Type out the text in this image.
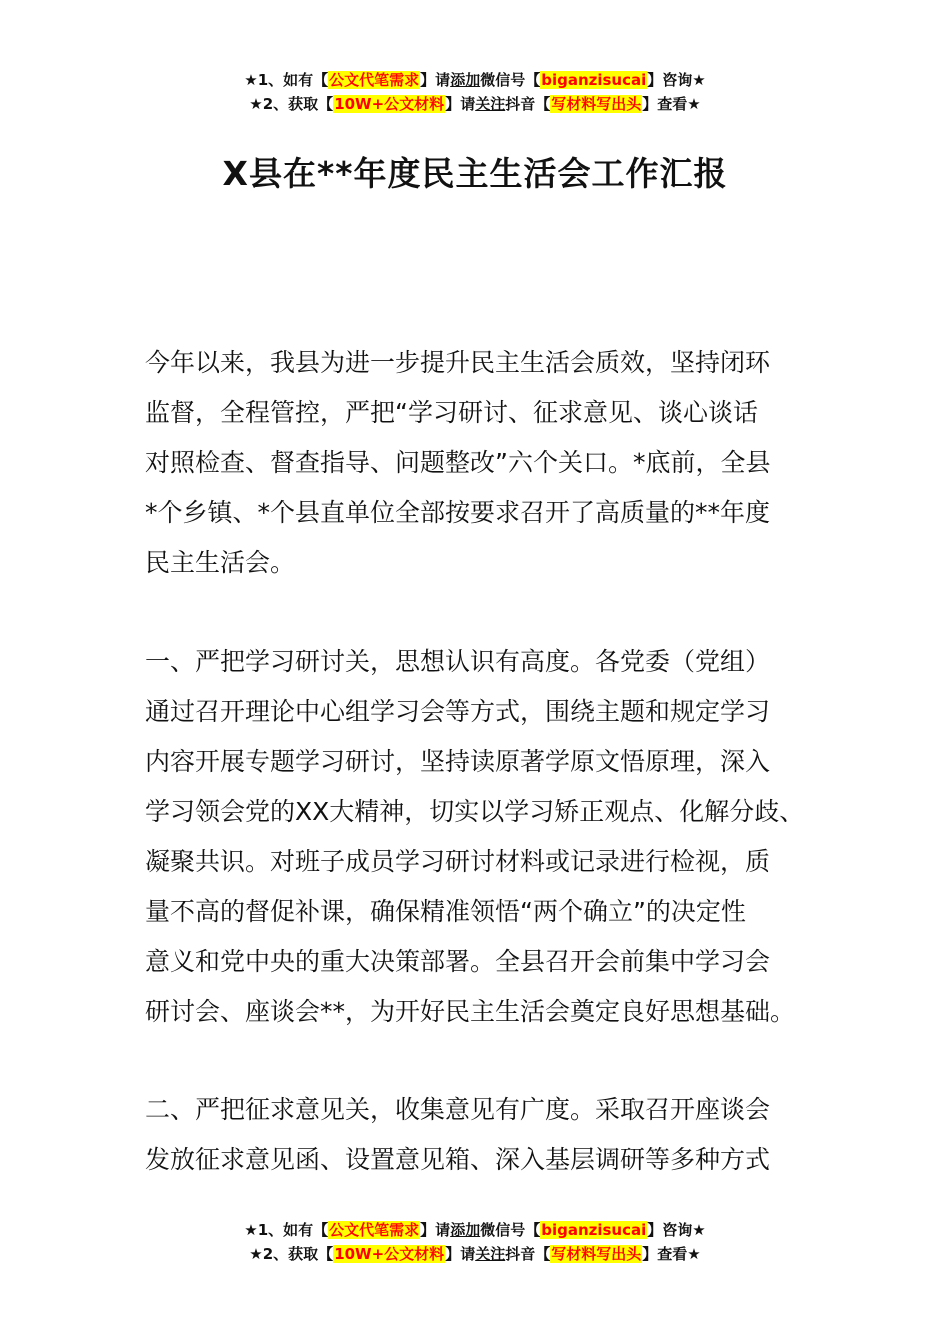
★1、如有【公文代笔需求】请添加微信号【biganzisucai】咨询★
★2、获取【10W+公文材料】请关注抖音【写材料写出头】查看★
X县在**年度民主生活会工作汇报
今年以来，我县为进一步提升民主生活会质效，坚持闭环
监督，全程管控，严把“学习研讨、征求意见、谈心谈话
对照检查、督查指导、问题整改”六个关口。*底前，全县
*个乡镇、*个县直单位全部按要求召开了高质量的**年度
民主生活会。
一、严把学习研讨关，思想认识有高度。各党委（党组）
通过召开理论中心组学习会等方式，围绕主题和规定学习
内容开展专题学习研讨，坚持读原著学原文悟原理，深入
学习领会党的XX大精神，切实以学习矫正观点、化解分歧、
凝聚共识。对班子成员学习研讨材料或记录进行检视，质
量不高的督促补课，确保精准领悟“两个确立”的决定性
意义和党中央的重大决策部署。全县召开会前集中学习会
研讨会、座谈会**，为开好民主生活会奠定良好思想基础。
二、严把征求意见关，收集意见有广度。采取召开座谈会
发放征求意见函、设置意见箱、深入基层调研等多种方式
★1、如有【公文代笔需求】请添加微信号【biganzisucai】咨询★
★2、获取【10W+公文材料】请关注抖音【写材料写出头】查看★
